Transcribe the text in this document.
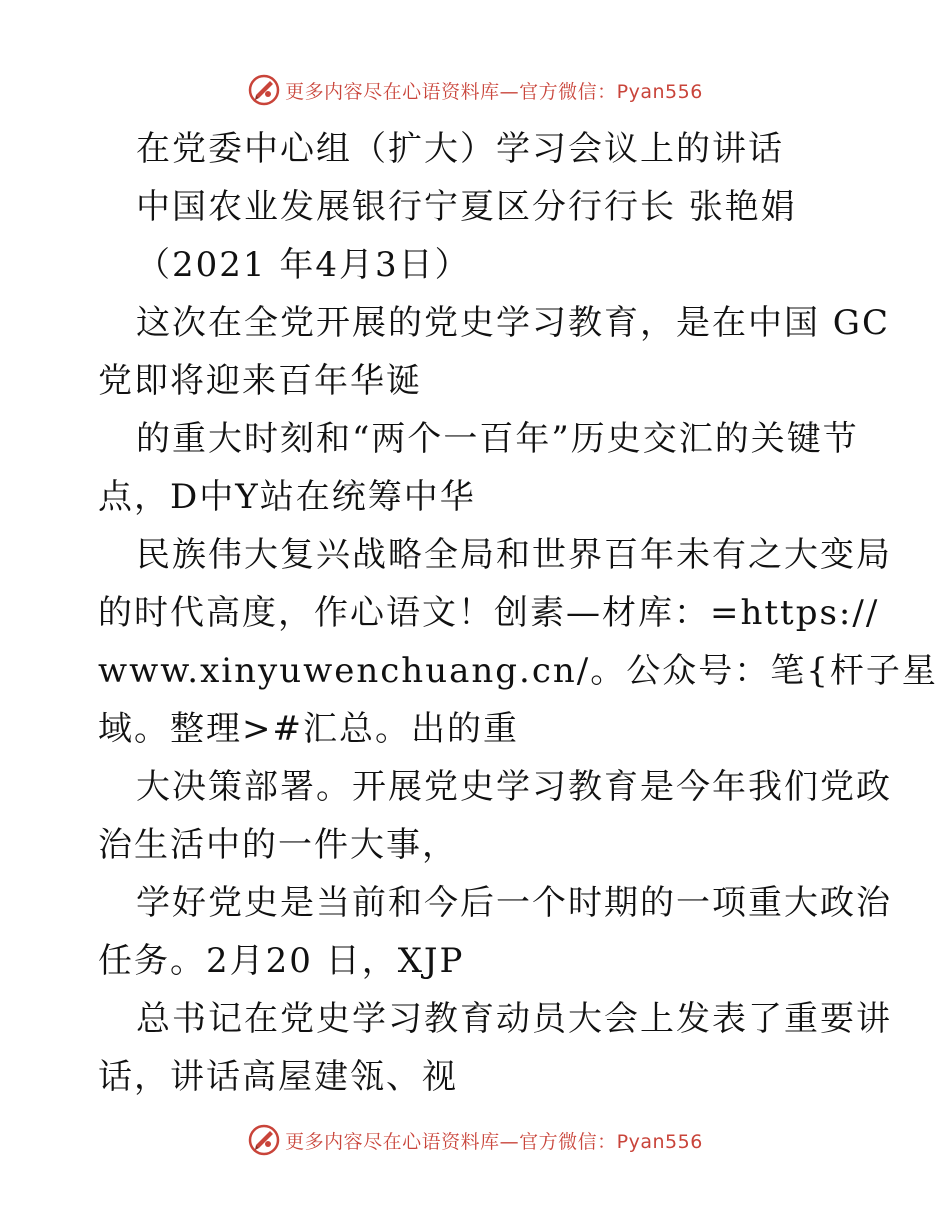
更多内容尽在心语资料库—官方微信：Pyan556
在党委中心组（扩大）学习会议上的讲话
中国农业发展银行宁夏区分行行长 张艳娟
（2021 年4月3日）
这次在全党开展的党史学习教育，是在中国 GC
党即将迎来百年华诞
的重大时刻和“两个一百年”历史交汇的关键节
点，D中Y站在统筹中华
民族伟大复兴战略全局和世界百年未有之大变局
的时代高度，作心语文！创素—材库：=https://
www.xinyuwenchuang.cn/。公众号：笔{杆子星
域。整理>#汇总。出的重
大决策部署。开展党史学习教育是今年我们党政
治生活中的一件大事，
学好党史是当前和今后一个时期的一项重大政治
任务。2月20 日，XJP
总书记在党史学习教育动员大会上发表了重要讲
话，讲话高屋建瓴、视
更多内容尽在心语资料库—官方微信：Pyan556
